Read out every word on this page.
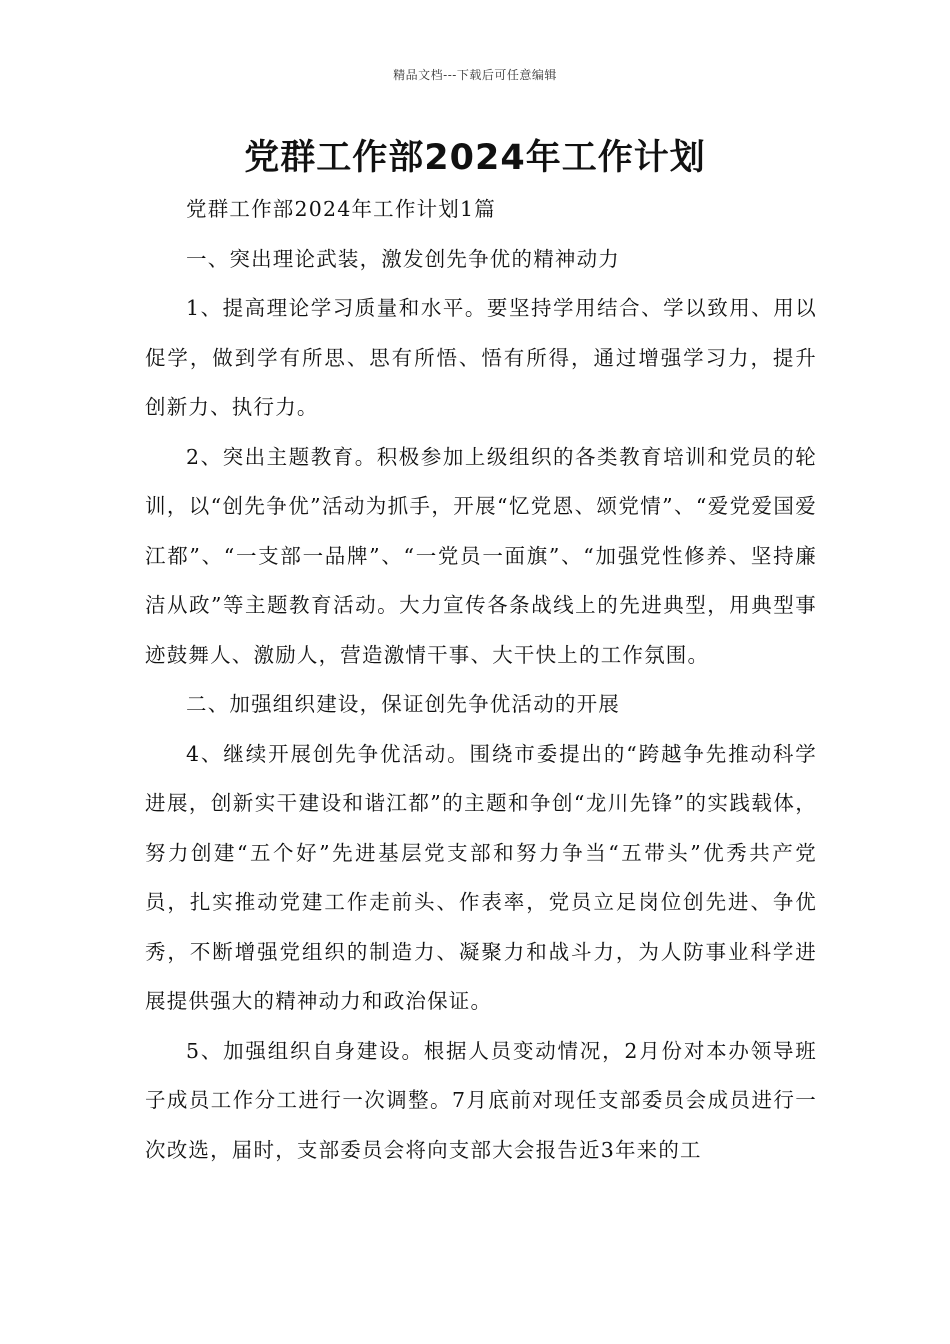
精品文档---下载后可任意编辑
党群工作部2024年工作计划

党群工作部2024年工作计划1篇

一、突出理论武装，激发创先争优的精神动力

1、提高理论学习质量和水平。要坚持学用结合、学以致用、用以促学，做到学有所思、思有所悟、悟有所得，通过增强学习力，提升创新力、执行力。

2、突出主题教育。积极参加上级组织的各类教育培训和党员的轮训，以“创先争优”活动为抓手，开展“忆党恩、颂党情”、“爱党爱国爱江都”、“一支部一品牌”、“一党员一面旗”、“加强党性修养、坚持廉洁从政”等主题教育活动。大力宣传各条战线上的先进典型，用典型事迹鼓舞人、激励人，营造激情干事、大干快上的工作氛围。

二、加强组织建设，保证创先争优活动的开展

4、继续开展创先争优活动。围绕市委提出的“跨越争先推动科学进展，创新实干建设和谐江都”的主题和争创“龙川先锋”的实践载体，努力创建“五个好”先进基层党支部和努力争当“五带头”优秀共产党员，扎实推动党建工作走前头、作表率，党员立足岗位创先进、争优秀，不断增强党组织的制造力、凝聚力和战斗力，为人防事业科学进展提供强大的精神动力和政治保证。

5、加强组织自身建设。根据人员变动情况，2月份对本办领导班子成员工作分工进行一次调整。7月底前对现任支部委员会成员进行一次改选，届时，支部委员会将向支部大会报告近3年来的工
